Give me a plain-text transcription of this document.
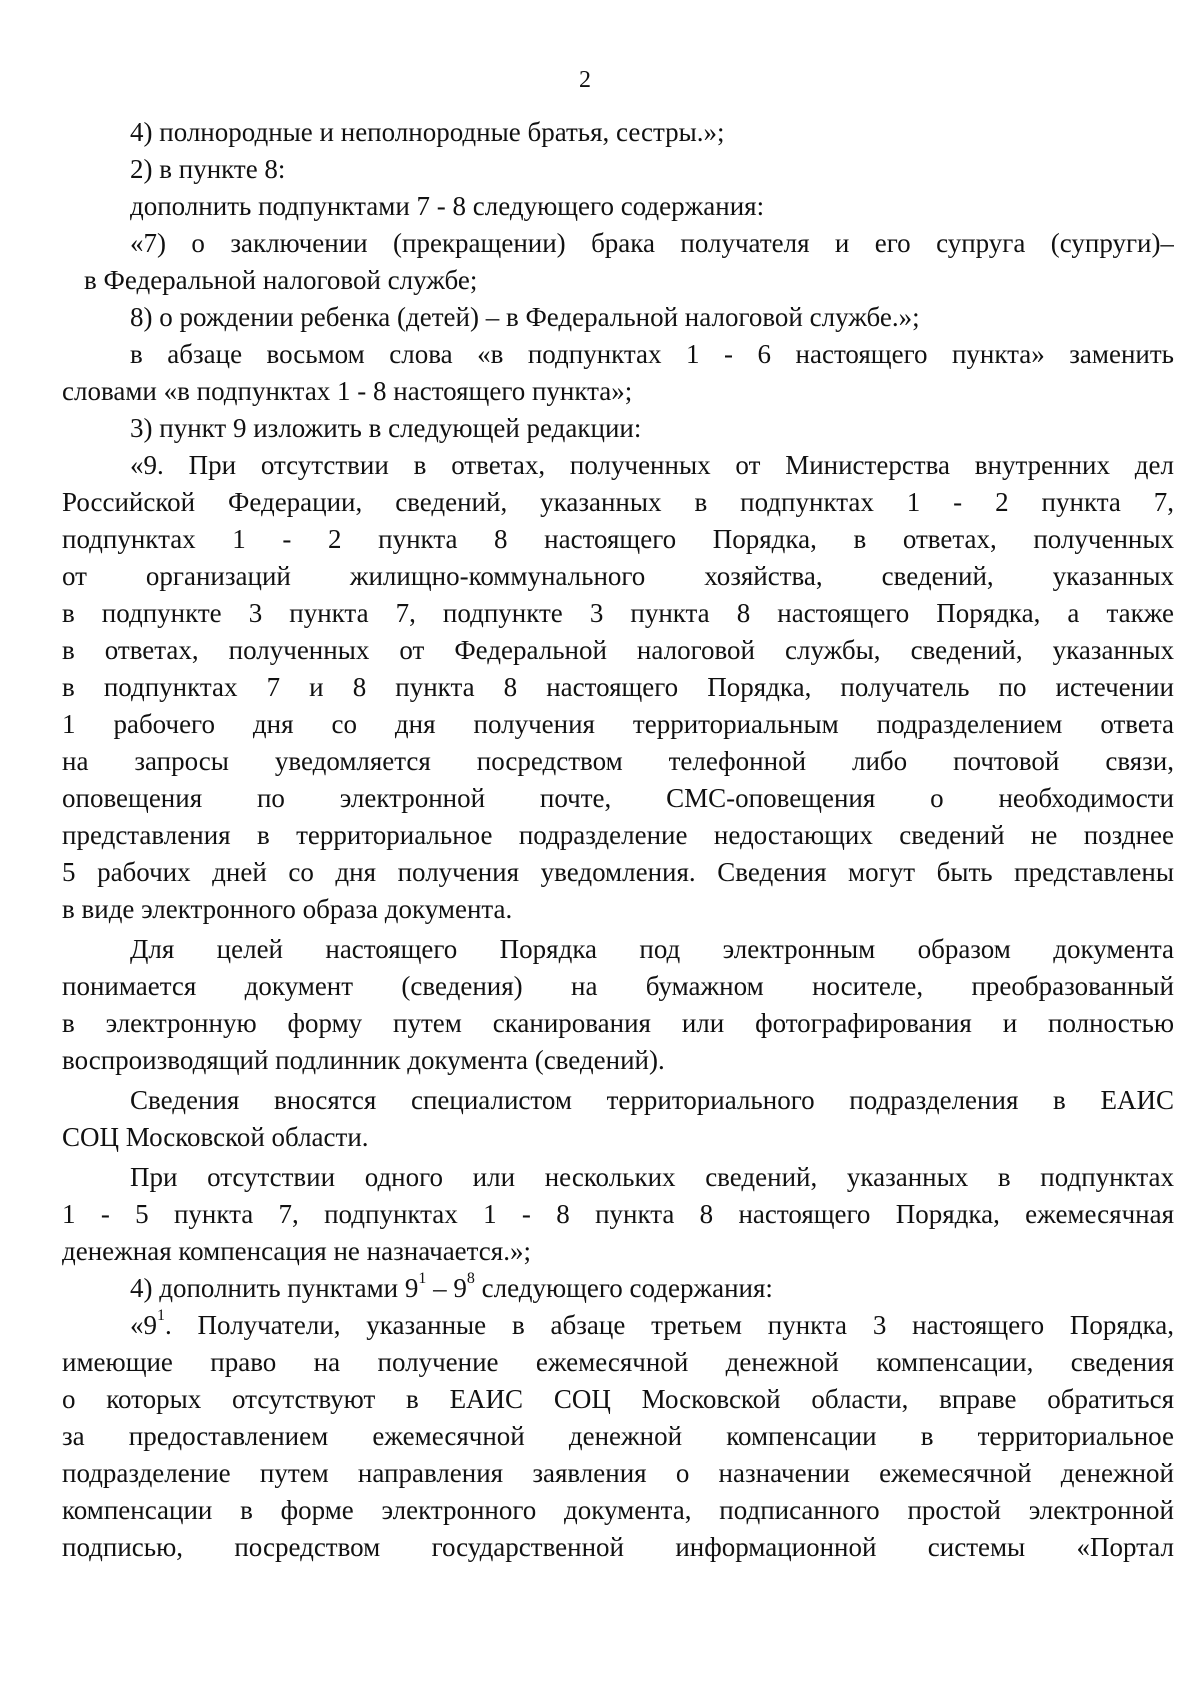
2
4) полнородные и неполнородные братья, сестры.»;
2) в пункте 8:
дополнить подпунктами 7 - 8 следующего содержания:
«7) о заключении (прекращении) брака получателя и его супруга (супруги)–
в Федеральной налоговой службе;
8) о рождении ребенка (детей) – в Федеральной налоговой службе.»;
в абзаце восьмом слова «в подпунктах 1 - 6 настоящего пункта» заменить
словами «в подпунктах 1 - 8 настоящего пункта»;
3) пункт 9 изложить в следующей редакции:
«9. При отсутствии в ответах, полученных от Министерства внутренних дел
Российской Федерации, сведений, указанных в подпунктах 1 - 2 пункта 7,
подпунктах 1 - 2 пункта 8 настоящего Порядка, в ответах, полученных
от организаций жилищно-коммунального хозяйства, сведений, указанных
в подпункте 3 пункта 7, подпункте 3 пункта 8 настоящего Порядка, а также
в ответах, полученных от Федеральной налоговой службы, сведений, указанных
в подпунктах 7 и 8 пункта 8 настоящего Порядка, получатель по истечении
1 рабочего дня со дня получения территориальным подразделением ответа
на запросы уведомляется посредством телефонной либо почтовой связи,
оповещения по электронной почте, СМС-оповещения о необходимости
представления в территориальное подразделение недостающих сведений не позднее
5 рабочих дней со дня получения уведомления. Сведения могут быть представлены
в виде электронного образа документа.
Для целей настоящего Порядка под электронным образом документа
понимается документ (сведения) на бумажном носителе, преобразованный
в электронную форму путем сканирования или фотографирования и полностью
воспроизводящий подлинник документа (сведений).
Сведения вносятся специалистом территориального подразделения в ЕАИС
СОЦ Московской области.
При отсутствии одного или нескольких сведений, указанных в подпунктах
1 - 5 пункта 7, подпунктах 1 - 8 пункта 8 настоящего Порядка, ежемесячная
денежная компенсация не назначается.»;
4) дополнить пунктами $9^1 - 9^8$ следующего содержания:
«$9^1$. Получатели, указанные в абзаце третьем пункта 3 настоящего Порядка,
имеющие право на получение ежемесячной денежной компенсации, сведения
о которых отсутствуют в ЕАИС СОЦ Московской области, вправе обратиться
за предоставлением ежемесячной денежной компенсации в территориальное
подразделение путем направления заявления о назначении ежемесячной денежной
компенсации в форме электронного документа, подписанного простой электронной
подписью, посредством государственной информационной системы «Портал
